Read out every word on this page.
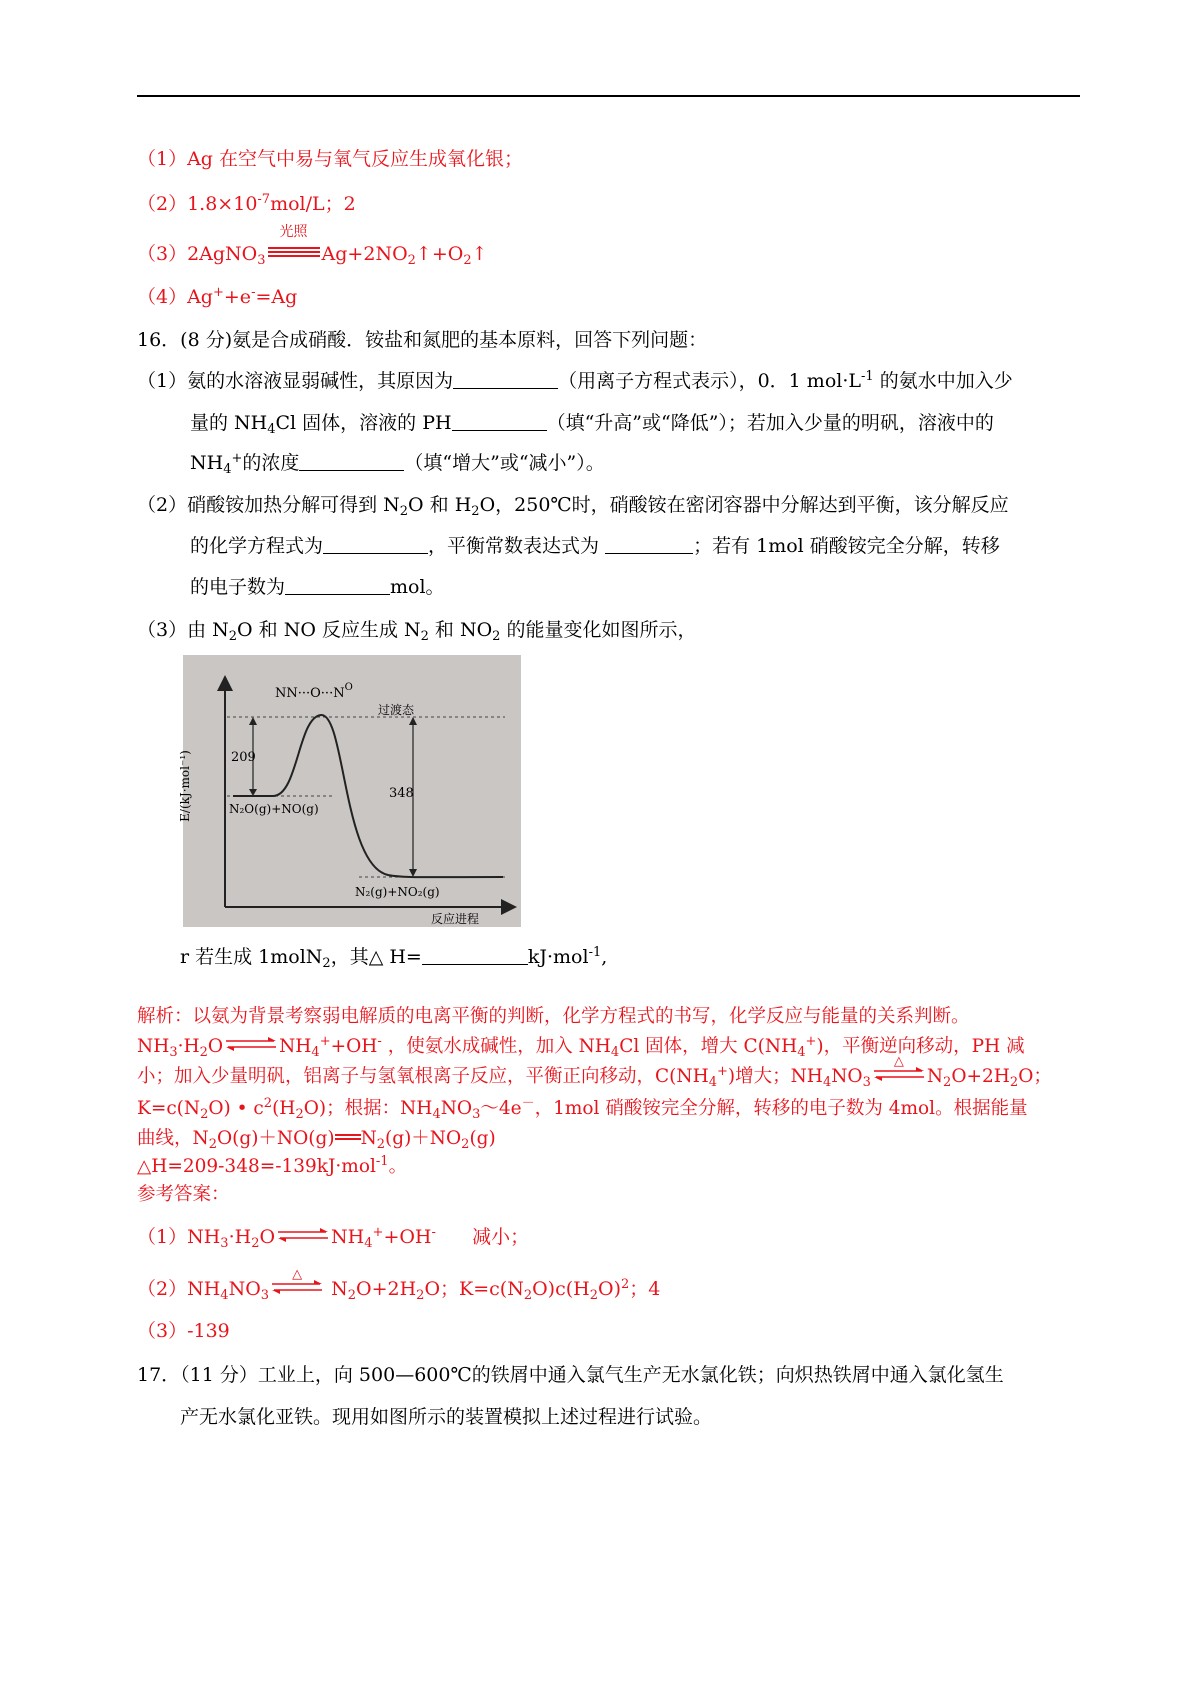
（1）Ag 在空气中易与氧气反应生成氧化银；
$(2)1.8\times 10^{-7}mol/L$；2
（3）2AgNO$_3$
光照
$Ag+2NO_2↑+O_2↑$
（4）Ag++e-=Ag
16．(8 分)氨是合成硝酸．铵盐和氮肥的基本原料，回答下列问题：
（1）氨的水溶液显弱碱性，其原因为	（用离子方程式表示），0．1 $mol\cdot L^{-1}$ 的氨水中加入少
量的 $NH_4Cl$ 固体，溶液的 PH	（填“升高”或“降低”）；若加入少量的明矾，溶液中的
$NH_4^+$的浓度	（填“增大”或“减小”）。
（2）硝酸铵加热分解可得到 $N_2O$ 和 $H_2O$，250℃时，硝酸铵在密闭容器中分解达到平衡，该分解反应
的化学方程式为	，平衡常数表达式为	；若有 1mol 硝酸铵完全分解，转移
的电子数为	mol。
（3）由 $N_2O$ 和 NO 反应生成 $N_2$ 和 $NO_2$ 的能量变化如图所示，
$NN\cdot\cdot\cdot O\cdot\cdot\cdot N^O$
过渡态
209
348
N₂O(g)+NO(g)
N₂(g)+NO₂(g)
反应进程
E/(kJ·mol⁻¹)
r 若生成 1molN$_2$，其△ H=	kJ·mol$^{-1}$,
解析：以氨为背景考察弱电解质的电离平衡的判断，化学方程式的书写，化学反应与能量的关系判断。
$NH_3\cdot H_2O\rightleftharpoons NH_4^++OH^-$ ，使氨水成碱性，加入 $NH_4Cl$ 固体，增大 $C(NH_4^+)$，平衡逆向移动，PH 减
小；加入少量明矾，铝离子与氢氧根离子反应，平衡正向移动，$C(NH_4^+)$增大；$NH_4NO_3$
△
$N_2O+2H_2O$；
$K=c(N_2O)$ • $c^2(H_2O)$；根据：$NH_4NO_3\sim 4e^-$，1mol 硝酸铵完全分解，转移的电子数为 4mol。根据能量
曲线，$N_2O(g)+NO(g)$ $N_2(g)+NO_2(g)$
△H=209-348=-139kJ·mol$^{-1}$。
参考答案：
$(1)NH_3\cdot H_2O\rightleftharpoons NH_4^++OH^-$      减小；
$(2)NH_4NO_3$
△
$N_2O+2H_2O$；$K=c(N_2O)c(H_2O)^2$；4
（3）-139
17．（11 分）工业上，向 500—600℃的铁屑中通入氯气生产无水氯化铁；向炽热铁屑中通入氯化氢生
产无水氯化亚铁。现用如图所示的装置模拟上述过程进行试验。
